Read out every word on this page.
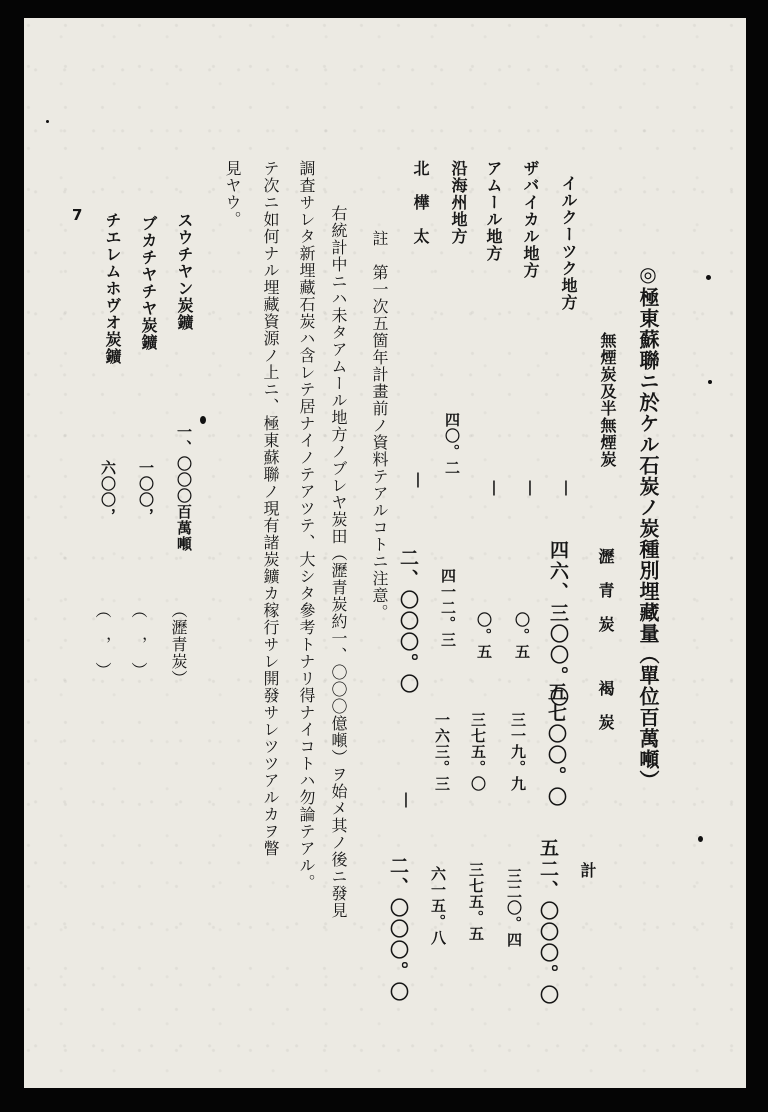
◎極東蘇聯ニ於ケル石炭ノ炭種別埋藏量（單位百萬噸）
無煙炭及半無煙炭
瀝　青　炭
褐　炭
計
イルクーツク地方
|
四六、三〇〇。〇
五七〇〇。〇
五二、〇〇〇。〇
ザバイカル地方
|
〇。五
三一九。九
三二〇。四
アムール地方
|
〇。五
三七五。〇
三七五。五
沿海州地方
四〇。二
四一二。三
一六三。三
六一五。八
北　樺　太
|
二、〇〇〇。〇
|
二、〇〇〇。〇
註　第一次五箇年計畫前ノ資料テアルコトニ注意。
右統計中ニハ未タアムール地方ノブレヤ炭田（瀝青炭約一、〇〇〇億噸）ヲ始メ其ノ後ニ發見
調査サレタ新埋藏石炭ハ含レテ居ナイノテアツテ、大シタ參考トナリ得ナイコトハ勿論テアル。
テ次ニ如何ナル埋藏資源ノ上ニ、極東蘇聯ノ現有諸炭鑛カ稼行サレ開發サレツツアルカヲ瞥
見ヤウ。
スウチヤン炭鑛
一、〇〇〇百萬噸
（瀝青炭）
ブカチヤチヤ炭鑛
一〇〇，
（　，　）
チエレムホヴオ炭鑛
六〇〇，
（　，　）
7
